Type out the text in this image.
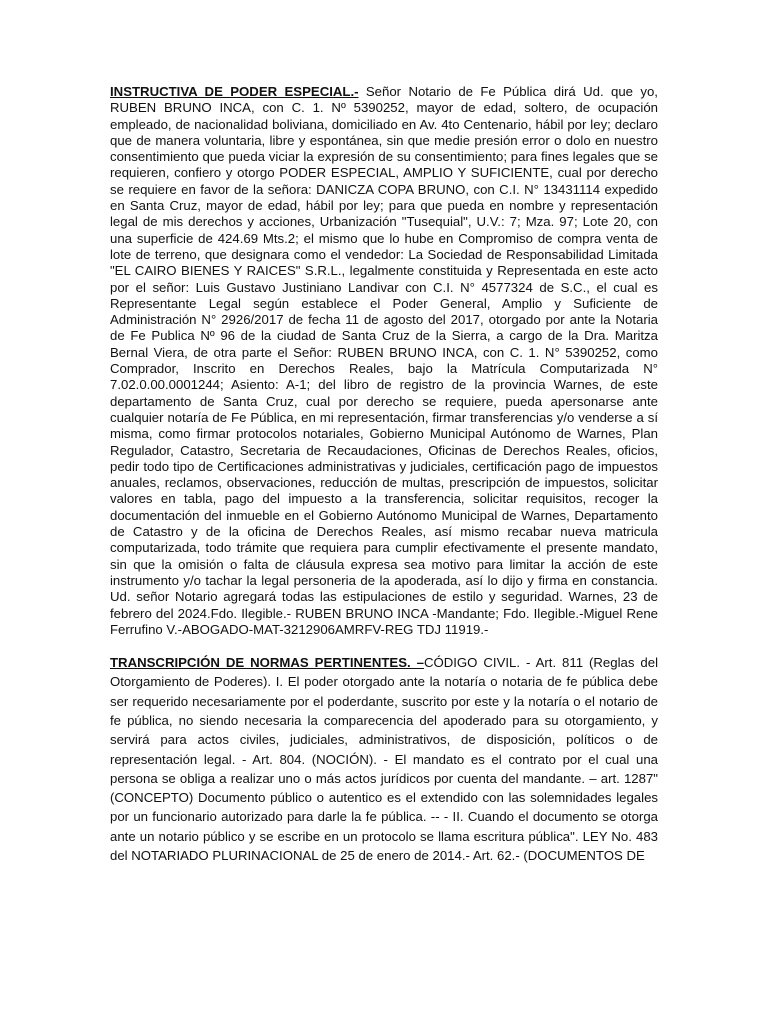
INSTRUCTIVA DE PODER ESPECIAL.- Señor Notario de Fe Pública dirá Ud. que yo, RUBEN BRUNO INCA, con C. 1. Nº 5390252, mayor de edad, soltero, de ocupación empleado, de nacionalidad boliviana, domiciliado en Av. 4to Centenario, hábil por ley; declaro que de manera voluntaria, libre y espontánea, sin que medie presión error o dolo en nuestro consentimiento que pueda viciar la expresión de su consentimiento; para fines legales que se requieren, confiero y otorgo PODER ESPECIAL, AMPLIO Y SUFICIENTE, cual por derecho se requiere en favor de la señora: DANICZA COPA BRUNO, con C.I. N° 13431114 expedido en Santa Cruz, mayor de edad, hábil por ley; para que pueda en nombre y representación legal de mis derechos y acciones, Urbanización "Tusequial", U.V.: 7; Mza. 97; Lote 20, con una superficie de 424.69 Mts.2; el mismo que lo hube en Compromiso de compra venta de lote de terreno, que designara como el vendedor: La Sociedad de Responsabilidad Limitada "EL CAIRO BIENES Y RAICES" S.R.L., legalmente constituida y Representada en este acto por el señor: Luis Gustavo Justiniano Landivar con C.I. N° 4577324 de S.C., el cual es Representante Legal según establece el Poder General, Amplio y Suficiente de Administración N° 2926/2017 de fecha 11 de agosto del 2017, otorgado por ante la Notaria de Fe Publica Nº 96 de la ciudad de Santa Cruz de la Sierra, a cargo de la Dra. Maritza Bernal Viera, de otra parte el Señor: RUBEN BRUNO INCA, con C. 1. N° 5390252, como Comprador, Inscrito en Derechos Reales, bajo la Matrícula Computarizada N° 7.02.0.00.0001244; Asiento: A-1; del libro de registro de la provincia Warnes, de este departamento de Santa Cruz, cual por derecho se requiere, pueda apersonarse ante cualquier notaría de Fe Pública, en mi representación, firmar transferencias y/o venderse a sí misma, como firmar protocolos notariales, Gobierno Municipal Autónomo de Warnes, Plan Regulador, Catastro, Secretaria de Recaudaciones, Oficinas de Derechos Reales, oficios, pedir todo tipo de Certificaciones administrativas y judiciales, certificación pago de impuestos anuales, reclamos, observaciones, reducción de multas, prescripción de impuestos, solicitar valores en tabla, pago del impuesto a la transferencia, solicitar requisitos, recoger la documentación del inmueble en el Gobierno Autónomo Municipal de Warnes, Departamento de Catastro y de la oficina de Derechos Reales, así mismo recabar nueva matricula computarizada, todo trámite que requiera para cumplir efectivamente el presente mandato, sin que la omisión o falta de cláusula expresa sea motivo para limitar la acción de este instrumento y/o tachar la legal personeria de la apoderada, así lo dijo y firma en constancia. Ud. señor Notario agregará todas las estipulaciones de estilo y seguridad. Warnes, 23 de febrero del 2024.Fdo. Ilegible.- RUBEN BRUNO INCA -Mandante; Fdo. Ilegible.-Miguel Rene Ferrufino V.-ABOGADO-MAT-3212906AMRFV-REG TDJ 11919.-

TRANSCRIPCIÓN DE NORMAS PERTINENTES. –CÓDIGO CIVIL. - Art. 811 (Reglas del Otorgamiento de Poderes). I. El poder otorgado ante la notaría o notaria de fe pública debe ser requerido necesariamente por el poderdante, suscrito por este y la notaría o el notario de fe pública, no siendo necesaria la comparecencia del apoderado para su otorgamiento, y servirá para actos civiles, judiciales, administrativos, de disposición, políticos o de representación legal. - Art. 804. (NOCIÓN). - El mandato es el contrato por el cual una persona se obliga a realizar uno o más actos jurídicos por cuenta del mandante. – art. 1287" (CONCEPTO) Documento público o autentico es el extendido con las solemnidades legales por un funcionario autorizado para darle la fe pública. -- - II. Cuando el documento se otorga ante un notario público y se escribe en un protocolo se llama escritura pública". LEY No. 483 del NOTARIADO PLURINACIONAL de 25 de enero de 2014.- Art. 62.- (DOCUMENTOS DE
